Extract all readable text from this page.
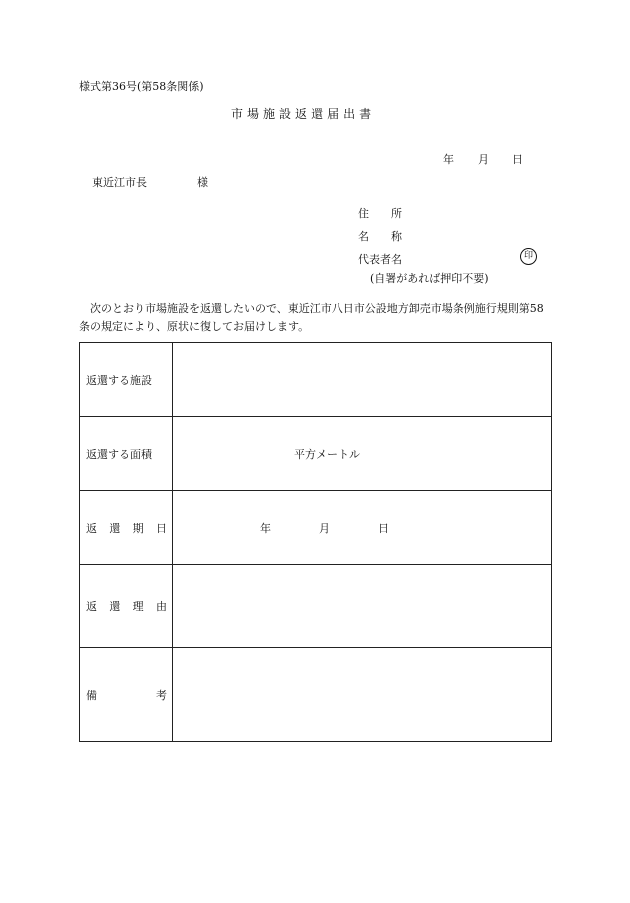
様式第36号(第58条関係)
市 場 施 設 返 還 届 出 書
年 月 日
東近江市長	様
住　　所
名　　称
代表者名	印
(自署があれば押印不要)
　次のとおり市場施設を返還したいので、東近江市八日市公設地方卸売市場条例施行規則第58条の規定により、原状に復してお届けします。
返還する施設	

返還する面積	平方メートル

返 還 期 日	年 月 日

返 還 理 由	

備 考	
